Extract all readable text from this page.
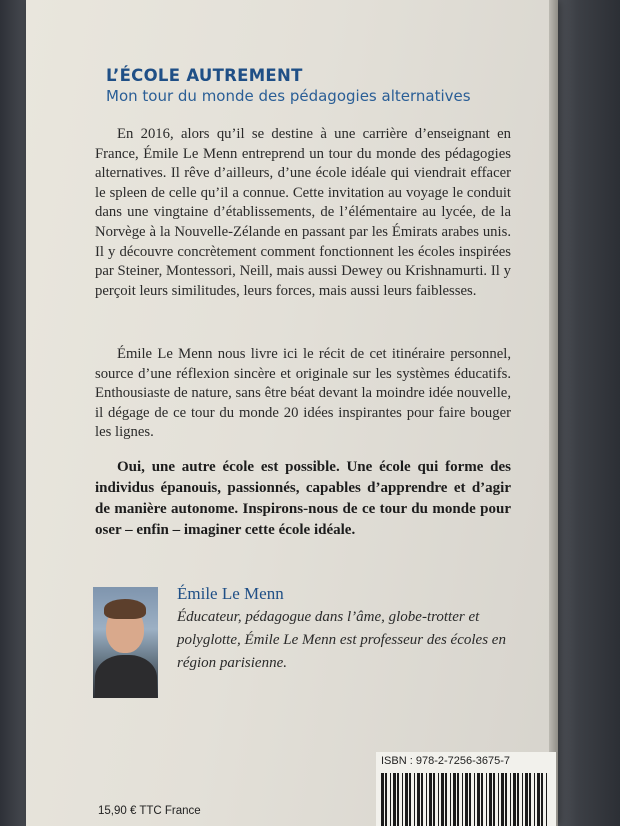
L’ÉCOLE AUTREMENT
Mon tour du monde des pédagogies alternatives

En 2016, alors qu’il se destine à une carrière d’enseignant en France, Émile Le Menn entreprend un tour du monde des pédagogies alternatives. Il rêve d’ailleurs, d’une école idéale qui viendrait effacer le spleen de celle qu’il a connue. Cette invitation au voyage le conduit dans une vingtaine d’établissements, de l’élémentaire au lycée, de la Norvège à la Nouvelle-Zélande en passant par les Émirats arabes unis. Il y découvre concrètement comment fonctionnent les écoles inspirées par Steiner, Montessori, Neill, mais aussi Dewey ou Krishnamurti. Il y perçoit leurs similitudes, leurs forces, mais aussi leurs faiblesses.

Émile Le Menn nous livre ici le récit de cet itinéraire personnel, source d’une réflexion sincère et originale sur les systèmes éducatifs. Enthousiaste de nature, sans être béat devant la moindre idée nouvelle, il dégage de ce tour du monde 20 idées inspirantes pour faire bouger les lignes.

Oui, une autre école est possible. Une école qui forme des individus épanouis, passionnés, capables d’apprendre et d’agir de manière autonome. Inspirons-nous de ce tour du monde pour oser – enfin – imaginer cette école idéale.

Émile Le Menn

Éducateur, pédagogue dans l’âme, globe-trotter et polyglotte, Émile Le Menn est professeur des écoles en région parisienne.

ISBN : 978-2-7256-3675-7
15,90 € TTC France
